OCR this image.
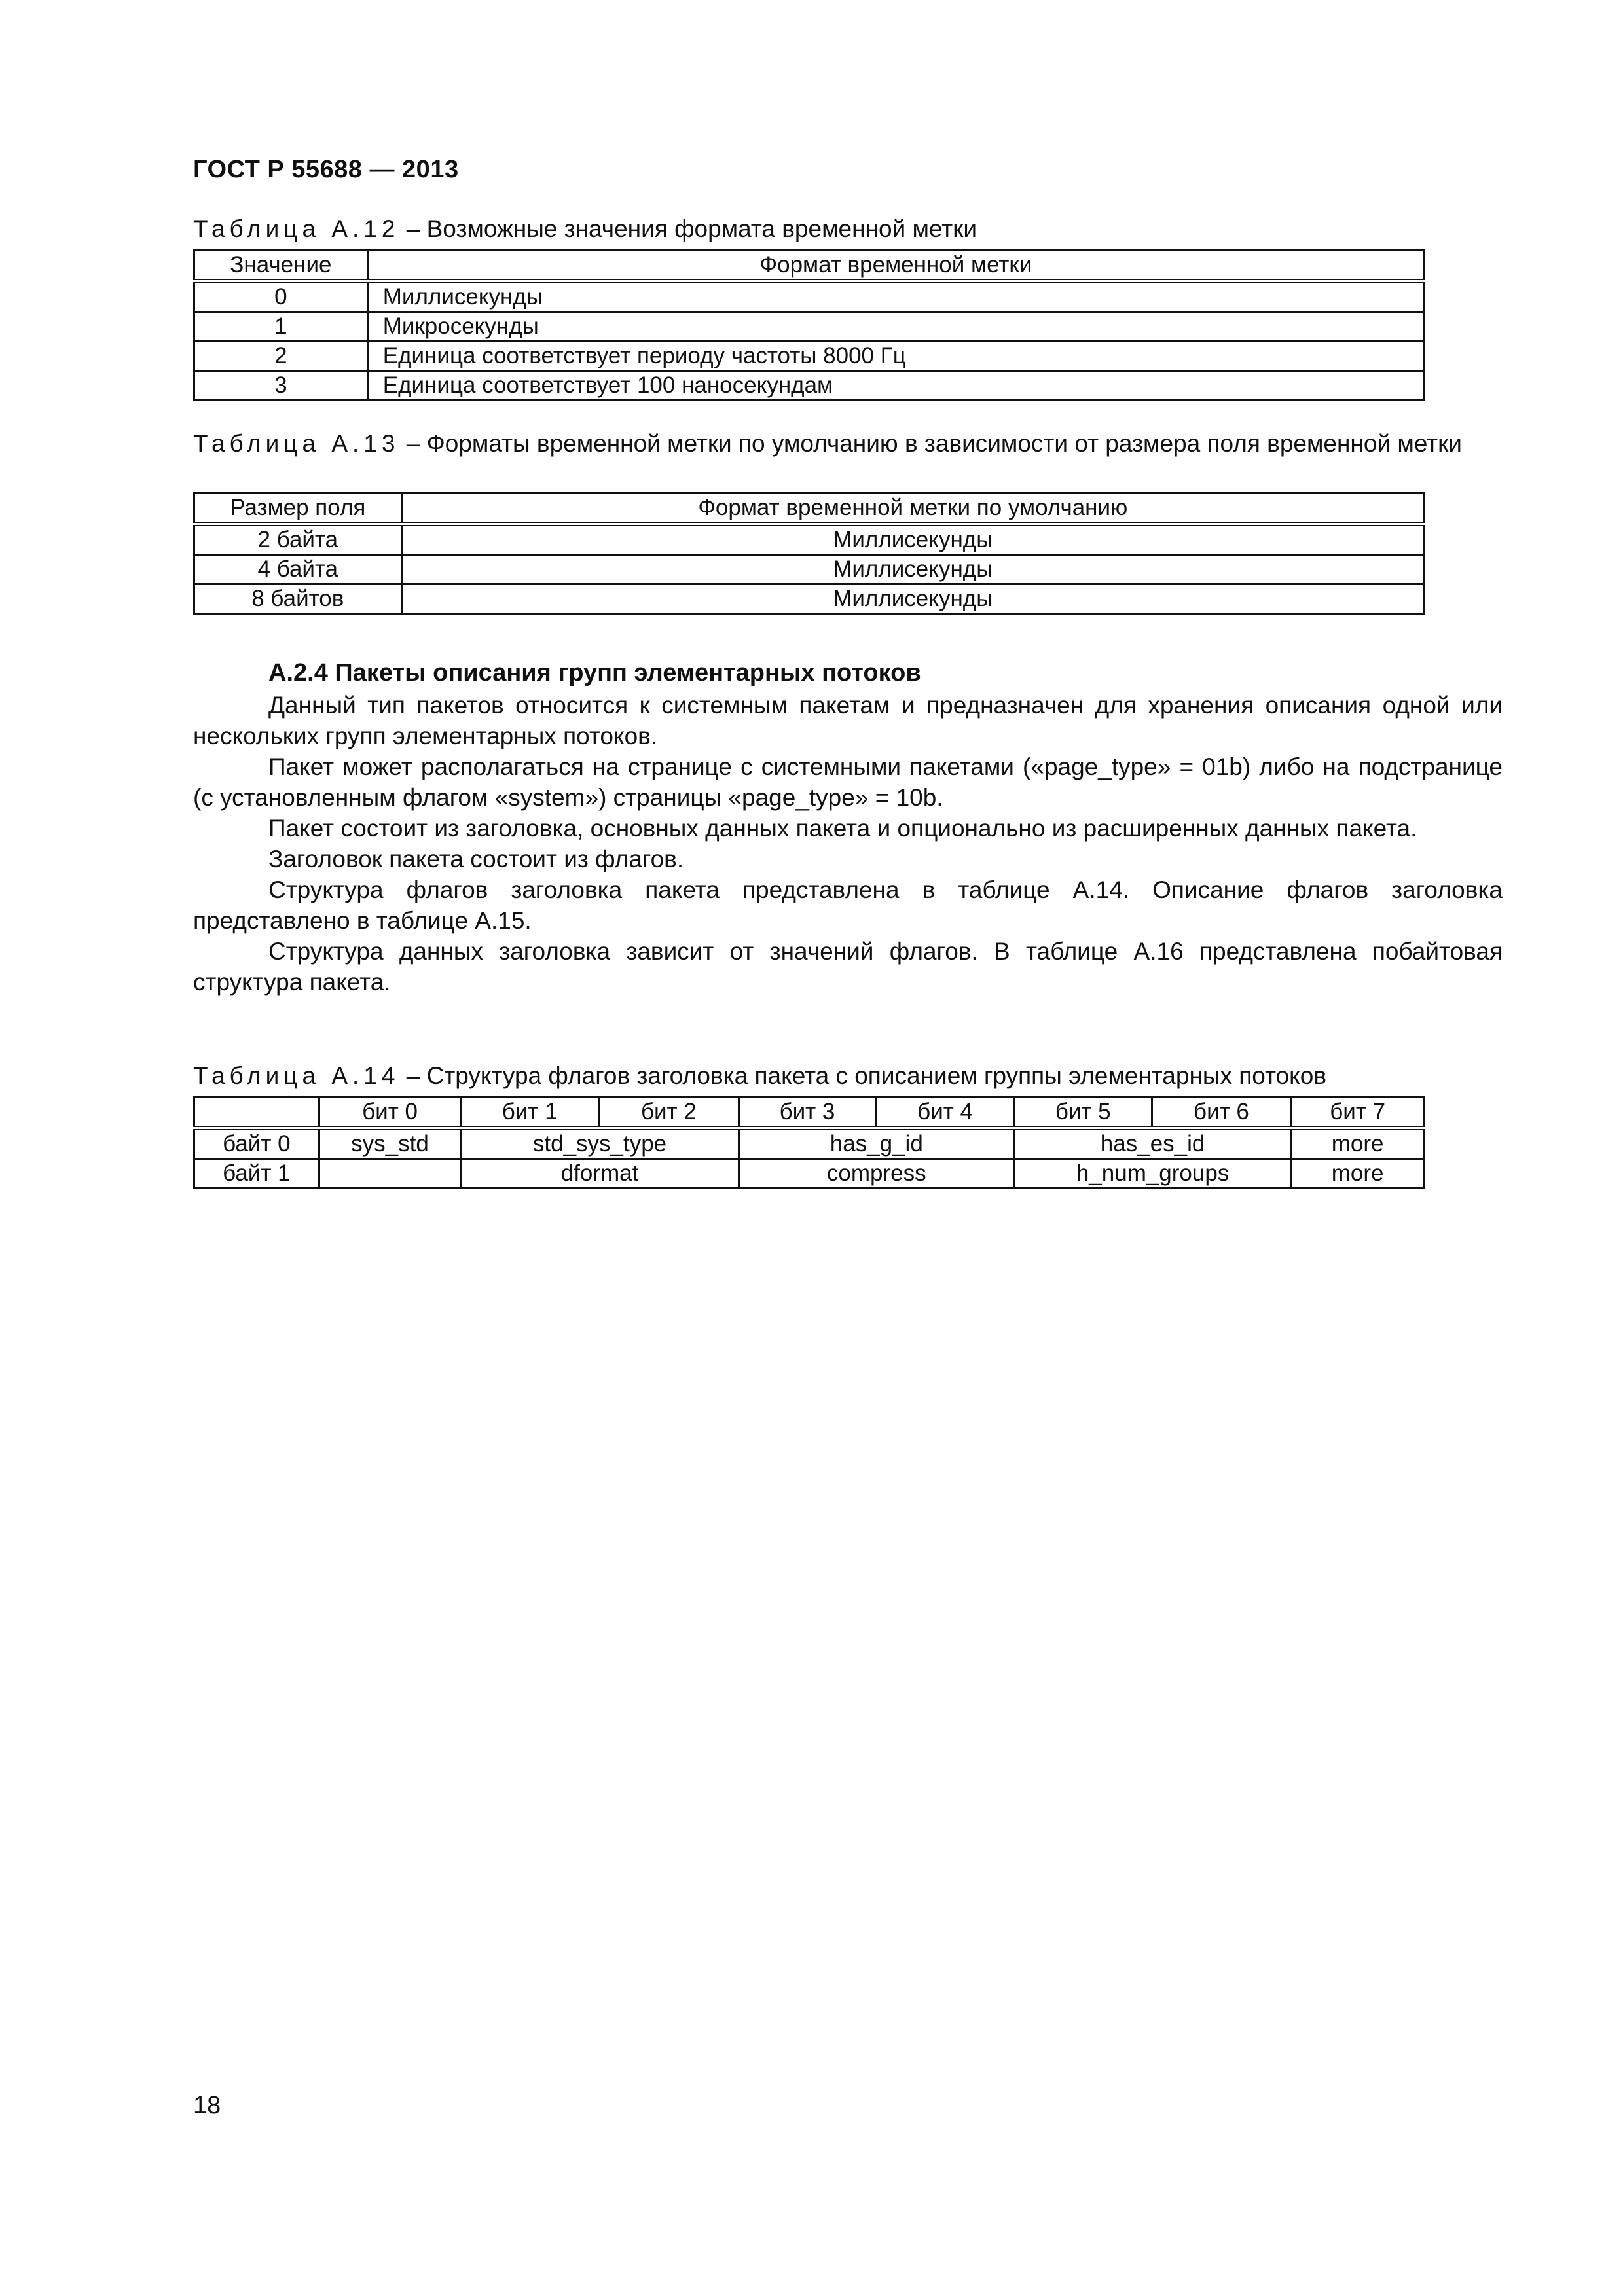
ГОСТ Р 55688 — 2013
Таблица А.12 – Возможные значения формата временной метки
Значение	Формат временной метки
0	Миллисекунды
1	Микросекунды
2	Единица соответствует периоду частоты 8000 Гц
3	Единица соответствует 100 наносекундам
Таблица А.13 – Форматы временной метки по умолчанию в зависимости от размера поля временной метки
Размер поля	Формат временной метки по умолчанию
2 байта	Миллисекунды
4 байта	Миллисекунды
8 байтов	Миллисекунды
А.2.4 Пакеты описания групп элементарных потоков

Данный тип пакетов относится к системным пакетам и предназначен для хранения описания одной или нескольких групп элементарных потоков.

Пакет может располагаться на странице с системными пакетами («page_type» = 01b) либо на подстранице (с установленным флагом «system») страницы «page_type» = 10b.

Пакет состоит из заголовка, основных данных пакета и опционально из расширенных данных пакета.

Заголовок пакета состоит из флагов.

Структура флагов заголовка пакета представлена в таблице А.14. Описание флагов заголовка представлено в таблице А.15.

Структура данных заголовка зависит от значений флагов. В таблице А.16 представлена побайтовая структура пакета.

Таблица А.14 – Структура флагов заголовка пакета с описанием группы элементарных потоков
	бит 0	бит 1	бит 2	бит 3	бит 4	бит 5	бит 6	бит 7
байт 0	sys_std	std_sys_type		has_g_id		has_es_id		more
байт 1		dformat		compress		h_num_groups		more
18
